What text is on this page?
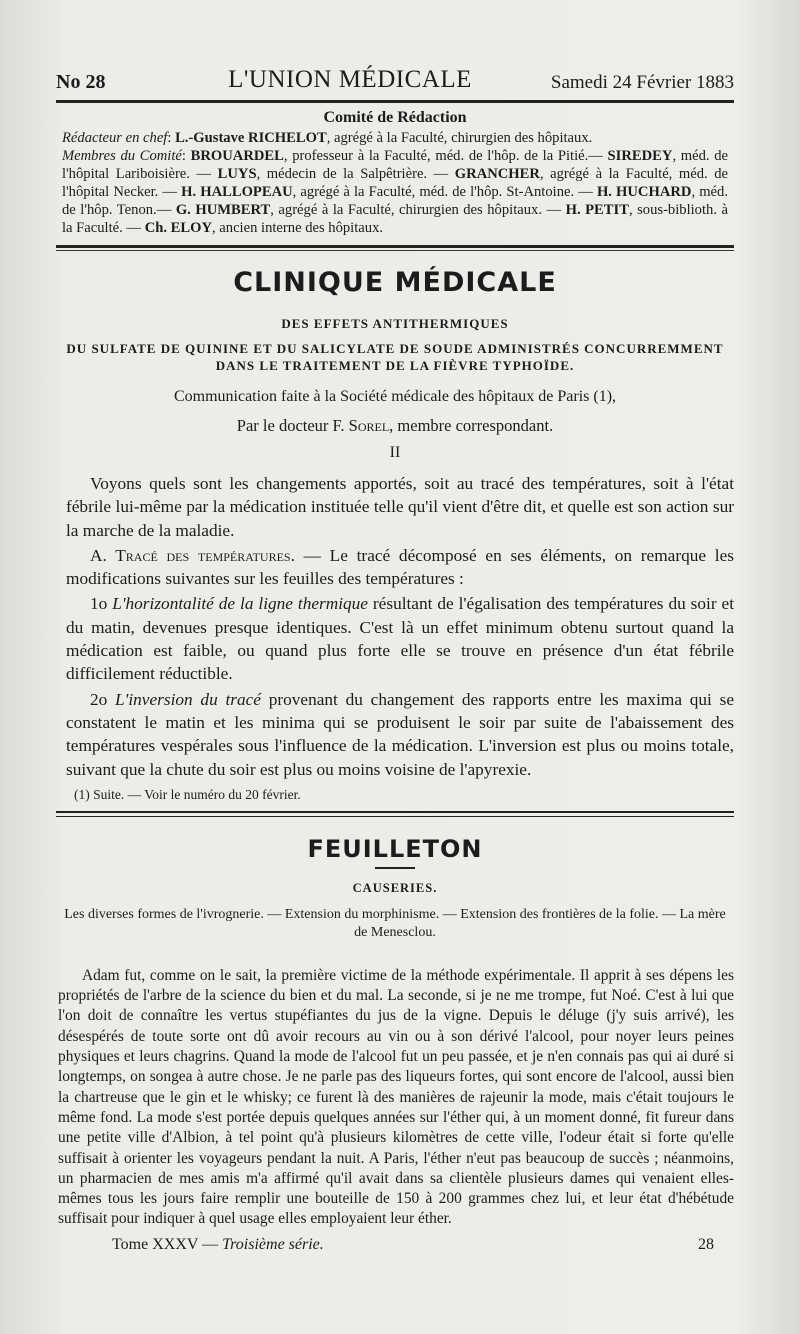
No 28	L'UNION MÉDICALE	Samedi 24 Février 1883
Comité de Rédaction
Rédacteur en chef: L.-Gustave RICHELOT, agrégé à la Faculté, chirurgien des hôpitaux.
Membres du Comité: BROUARDEL, professeur à la Faculté, méd. de l'hôp. de la Pitié.— SIREDEY, méd. de l'hôpital Lariboisière. — LUYS, médecin de la Salpêtrière. — GRANCHER, agrégé à la Faculté, méd. de l'hôpital Necker. — H. HALLOPEAU, agrégé à la Faculté, méd. de l'hôp. St-Antoine. — H. HUCHARD, méd. de l'hôp. Tenon.— G. HUMBERT, agrégé à la Faculté, chirurgien des hôpitaux. — H. PETIT, sous-biblioth. à la Faculté. — Ch. ELOY, ancien interne des hôpitaux.
CLINIQUE MÉDICALE
DES EFFETS ANTITHERMIQUES
DU SULFATE DE QUININE ET DU SALICYLATE DE SOUDE ADMINISTRÉS CONCURREMMENT DANS LE TRAITEMENT DE LA FIÈVRE TYPHOÏDE.
Communication faite à la Société médicale des hôpitaux de Paris (1),
Par le docteur F. Sorel, membre correspondant.
II

Voyons quels sont les changements apportés, soit au tracé des températures, soit à l'état fébrile lui-même par la médication instituée telle qu'il vient d'être dit, et quelle est son action sur la marche de la maladie.

A. Tracé des températures. — Le tracé décomposé en ses éléments, on remarque les modifications suivantes sur les feuilles des températures :

1o L'horizontalité de la ligne thermique résultant de l'égalisation des températures du soir et du matin, devenues presque identiques. C'est là un effet minimum obtenu surtout quand la médication est faible, ou quand plus forte elle se trouve en présence d'un état fébrile difficilement réductible.

2o L'inversion du tracé provenant du changement des rapports entre les maxima qui se constatent le matin et les minima qui se produisent le soir par suite de l'abaissement des températures vespérales sous l'influence de la médication. L'inversion est plus ou moins totale, suivant que la chute du soir est plus ou moins voisine de l'apyrexie.

(1) Suite. — Voir le numéro du 20 février.
FEUILLETON
CAUSERIES.
Les diverses formes de l'ivrognerie. — Extension du morphinisme. — Extension des frontières de la folie. — La mère de Menesclou.

Adam fut, comme on le sait, la première victime de la méthode expérimentale. Il apprit à ses dépens les propriétés de l'arbre de la science du bien et du mal. La seconde, si je ne me trompe, fut Noé. C'est à lui que l'on doit de connaître les vertus stupéfiantes du jus de la vigne. Depuis le déluge (j'y suis arrivé), les désespérés de toute sorte ont dû avoir recours au vin ou à son dérivé l'alcool, pour noyer leurs peines physiques et leurs chagrins. Quand la mode de l'alcool fut un peu passée, et je n'en connais pas qui ai duré si longtemps, on songea à autre chose. Je ne parle pas des liqueurs fortes, qui sont encore de l'alcool, aussi bien la chartreuse que le gin et le whisky; ce furent là des manières de rajeunir la mode, mais c'était toujours le même fond. La mode s'est portée depuis quelques années sur l'éther qui, à un moment donné, fit fureur dans une petite ville d'Albion, à tel point qu'à plusieurs kilomètres de cette ville, l'odeur était si forte qu'elle suffisait à orienter les voyageurs pendant la nuit. A Paris, l'éther n'eut pas beaucoup de succès ; néanmoins, un pharmacien de mes amis m'a affirmé qu'il avait dans sa clientèle plusieurs dames qui venaient elles-mêmes tous les jours faire remplir une bouteille de 150 à 200 grammes chez lui, et leur état d'hébétude suffisait pour indiquer à quel usage elles employaient leur éther.

Tome XXXV — Troisième série.	28
